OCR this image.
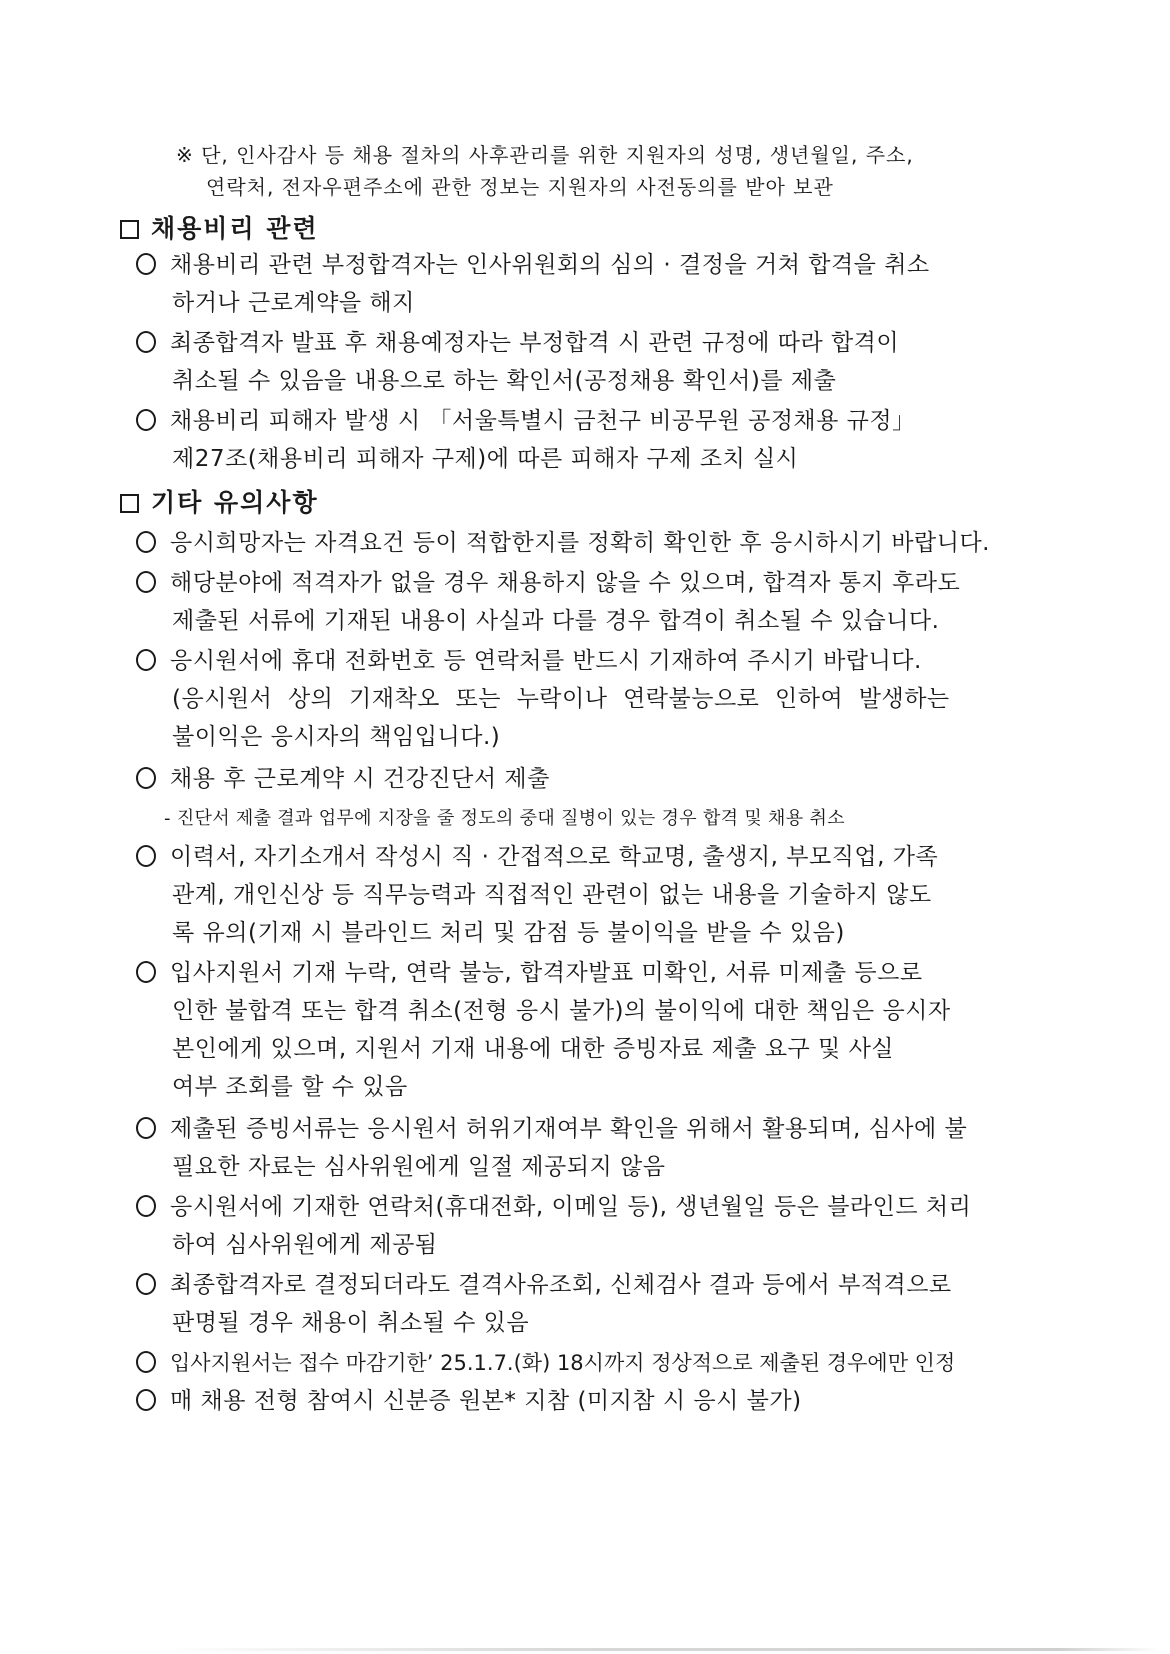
※ 단, 인사감사 등 채용 절차의 사후관리를 위한 지원자의 성명, 생년월일, 주소,
연락처, 전자우편주소에 관한 정보는 지원자의 사전동의를 받아 보관
채용비리 관련
채용비리 관련 부정합격자는 인사위원회의 심의 · 결정을 거쳐 합격을 취소
하거나 근로계약을 해지
최종합격자 발표 후 채용예정자는 부정합격 시 관련 규정에 따라 합격이
취소될 수 있음을 내용으로 하는 확인서(공정채용 확인서)를 제출
채용비리 피해자 발생 시 「서울특별시 금천구 비공무원 공정채용 규정」
제27조(채용비리 피해자 구제)에 따른 피해자 구제 조치 실시
기타 유의사항
응시희망자는 자격요건 등이 적합한지를 정확히 확인한 후 응시하시기 바랍니다.
해당분야에 적격자가 없을 경우 채용하지 않을 수 있으며, 합격자 통지 후라도
제출된 서류에 기재된 내용이 사실과 다를 경우 합격이 취소될 수 있습니다.
응시원서에 휴대 전화번호 등 연락처를 반드시 기재하여 주시기 바랍니다.
(응시원서  상의  기재착오  또는  누락이나  연락불능으로  인하여  발생하는
불이익은 응시자의 책임입니다.)
채용 후 근로계약 시 건강진단서 제출
- 진단서 제출 결과 업무에 지장을 줄 정도의 중대 질병이 있는 경우 합격 및 채용 취소
이력서, 자기소개서 작성시 직 · 간접적으로 학교명, 출생지, 부모직업, 가족
관계, 개인신상 등 직무능력과 직접적인 관련이 없는 내용을 기술하지 않도
록 유의(기재 시 블라인드 처리 및 감점 등 불이익을 받을 수 있음)
입사지원서 기재 누락, 연락 불능, 합격자발표 미확인, 서류 미제출 등으로
인한 불합격 또는 합격 취소(전형 응시 불가)의 불이익에 대한 책임은 응시자
본인에게 있으며, 지원서 기재 내용에 대한 증빙자료 제출 요구 및 사실
여부 조회를 할 수 있음
제출된 증빙서류는 응시원서 허위기재여부 확인을 위해서 활용되며, 심사에 불
필요한 자료는 심사위원에게 일절 제공되지 않음
응시원서에 기재한 연락처(휴대전화, 이메일 등), 생년월일 등은 블라인드 처리
하여 심사위원에게 제공됨
최종합격자로 결정되더라도 결격사유조회, 신체검사 결과 등에서 부적격으로
판명될 경우 채용이 취소될 수 있음
입사지원서는 접수 마감기한’ 25.1.7.(화) 18시까지 정상적으로 제출된 경우에만 인정
매 채용 전형 참여시 신분증 원본* 지참 (미지참 시 응시 불가)
